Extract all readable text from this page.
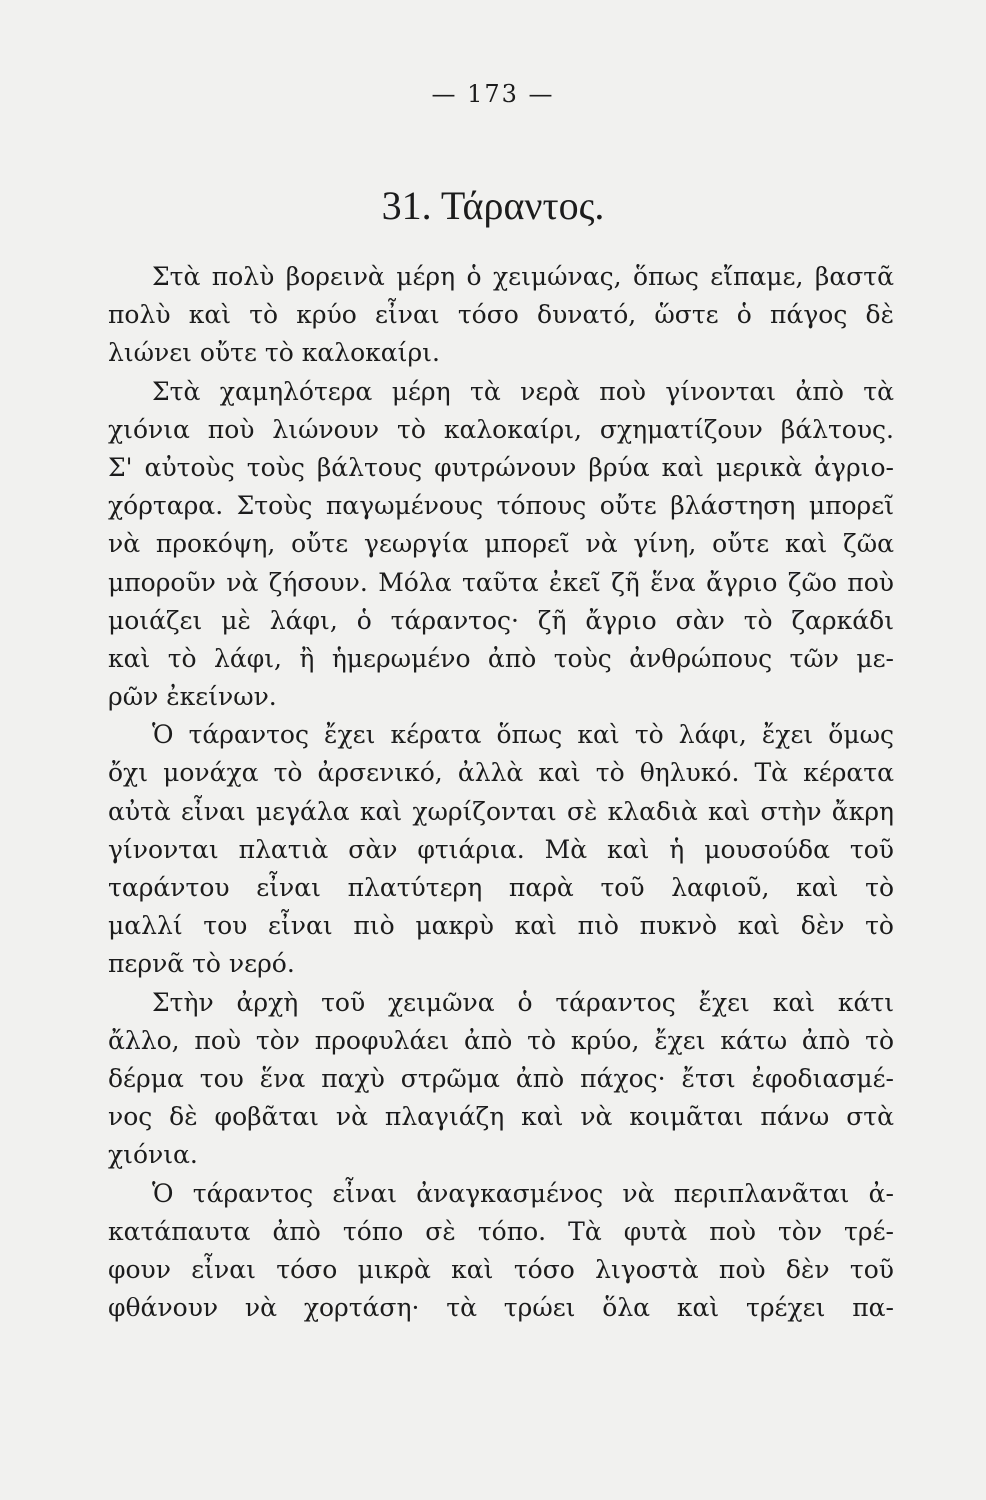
— 173 —
31. Τάραντος.
Στὰ πολὺ βορεινὰ μέρη ὁ χειμώνας, ὅπως εἴπαμε, βαστᾶ
πολὺ καὶ τὸ κρύο εἶναι τόσο δυνατό, ὥστε ὁ πάγος δὲ
λιώνει οὔτε τὸ καλοκαίρι.
Στὰ χαμηλότερα μέρη τὰ νερὰ ποὺ γίνονται ἀπὸ τὰ
χιόνια ποὺ λιώνουν τὸ καλοκαίρι, σχηματίζουν βάλτους.
Σ' αὐτοὺς τοὺς βάλτους φυτρώνουν βρύα καὶ μερικὰ ἀγριο-
χόρταρα. Στοὺς παγωμένους τόπους οὔτε βλάστηση μπορεῖ
νὰ προκόψη, οὔτε γεωργία μπορεῖ νὰ γίνη, οὔτε καὶ ζῶα
μποροῦν νὰ ζήσουν. Μόλα ταῦτα ἐκεῖ ζῆ ἕνα ἄγριο ζῶο ποὺ
μοιάζει μὲ λάφι, ὁ τάραντος· ζῆ ἄγριο σὰν τὸ ζαρκάδι
καὶ τὸ λάφι, ἢ ἡμερωμένο ἀπὸ τοὺς ἀνθρώπους τῶν με-
ρῶν ἐκείνων.
Ὁ τάραντος ἔχει κέρατα ὅπως καὶ τὸ λάφι, ἔχει ὅμως
ὄχι μονάχα τὸ ἀρσενικό, ἀλλὰ καὶ τὸ θηλυκό. Τὰ κέρατα
αὐτὰ εἶναι μεγάλα καὶ χωρίζονται σὲ κλαδιὰ καὶ στὴν ἄκρη
γίνονται πλατιὰ σὰν φτιάρια. Μὰ καὶ ἡ μουσούδα τοῦ
ταράντου εἶναι πλατύτερη παρὰ τοῦ λαφιοῦ, καὶ τὸ
μαλλί του εἶναι πιὸ μακρὺ καὶ πιὸ πυκνὸ καὶ δὲν τὸ
περνᾶ τὸ νερό.
Στὴν ἀρχὴ τοῦ χειμῶνα ὁ τάραντος ἔχει καὶ κάτι
ἄλλο, ποὺ τὸν προφυλάει ἀπὸ τὸ κρύο, ἔχει κάτω ἀπὸ τὸ
δέρμα του ἕνα παχὺ στρῶμα ἀπὸ πάχος· ἔτσι ἐφοδιασμέ-
νος δὲ φοβᾶται νὰ πλαγιάζη καὶ νὰ κοιμᾶται πάνω στὰ
χιόνια.
Ὁ τάραντος εἶναι ἀναγκασμένος νὰ περιπλανᾶται ἀ-
κατάπαυτα ἀπὸ τόπο σὲ τόπο. Τὰ φυτὰ ποὺ τὸν τρέ-
φουν εἶναι τόσο μικρὰ καὶ τόσο λιγοστὰ ποὺ δὲν τοῦ
φθάνουν νὰ χορτάση· τὰ τρώει ὅλα καὶ τρέχει πα-
